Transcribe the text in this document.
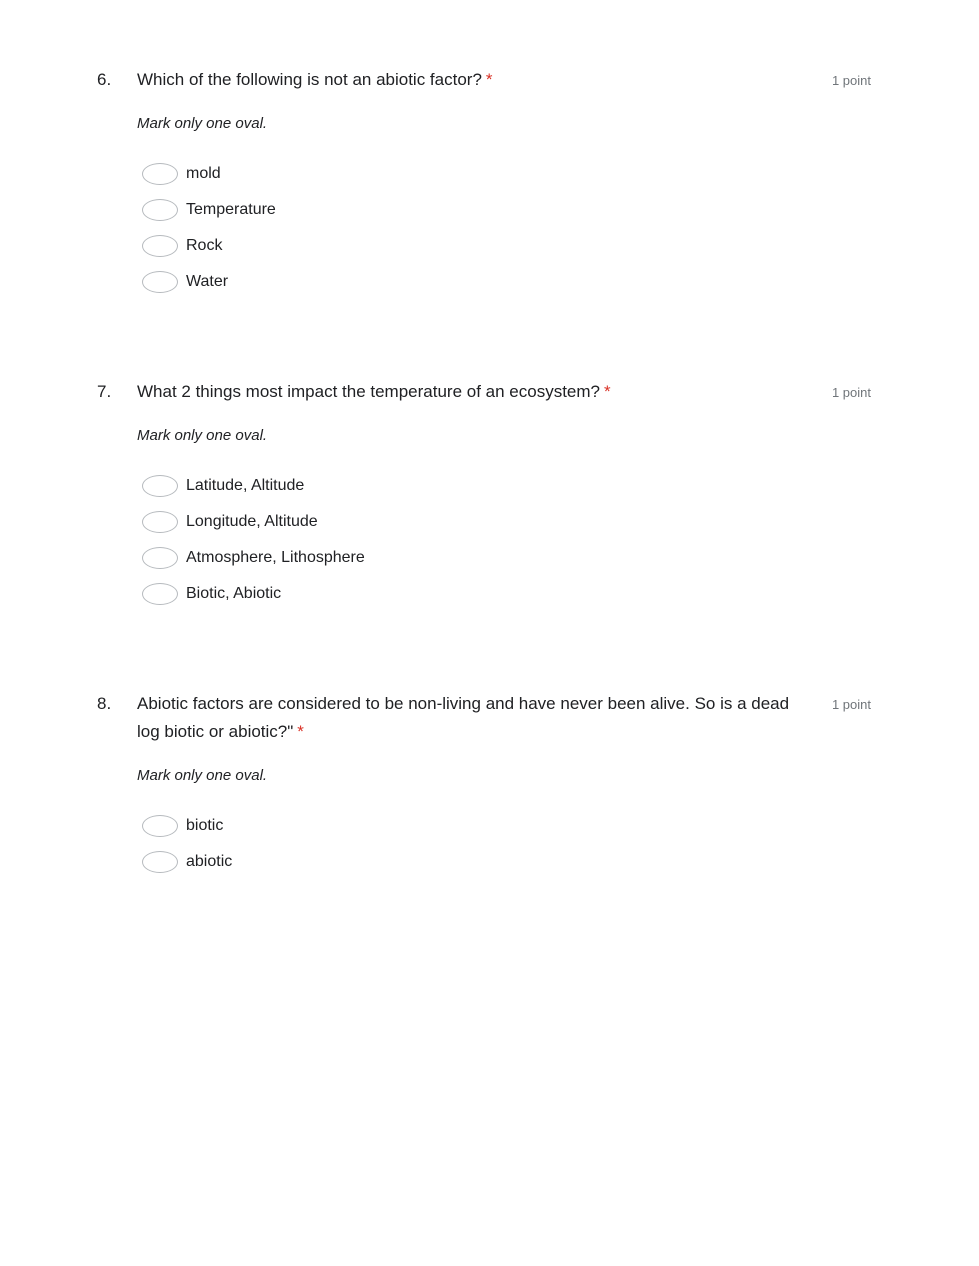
6.	Which of the following is not an abiotic factor? *	1 point
Mark only one oval.
mold
Temperature
Rock
Water
7.	What 2 things most impact the temperature of an ecosystem? *	1 point
Mark only one oval.
Latitude, Altitude
Longitude, Altitude
Atmosphere, Lithosphere
Biotic, Abiotic
8.	Abiotic factors are considered to be non-living and have never been alive. So is a dead log biotic or abiotic?" *
1 point
Mark only one oval.
biotic
abiotic
